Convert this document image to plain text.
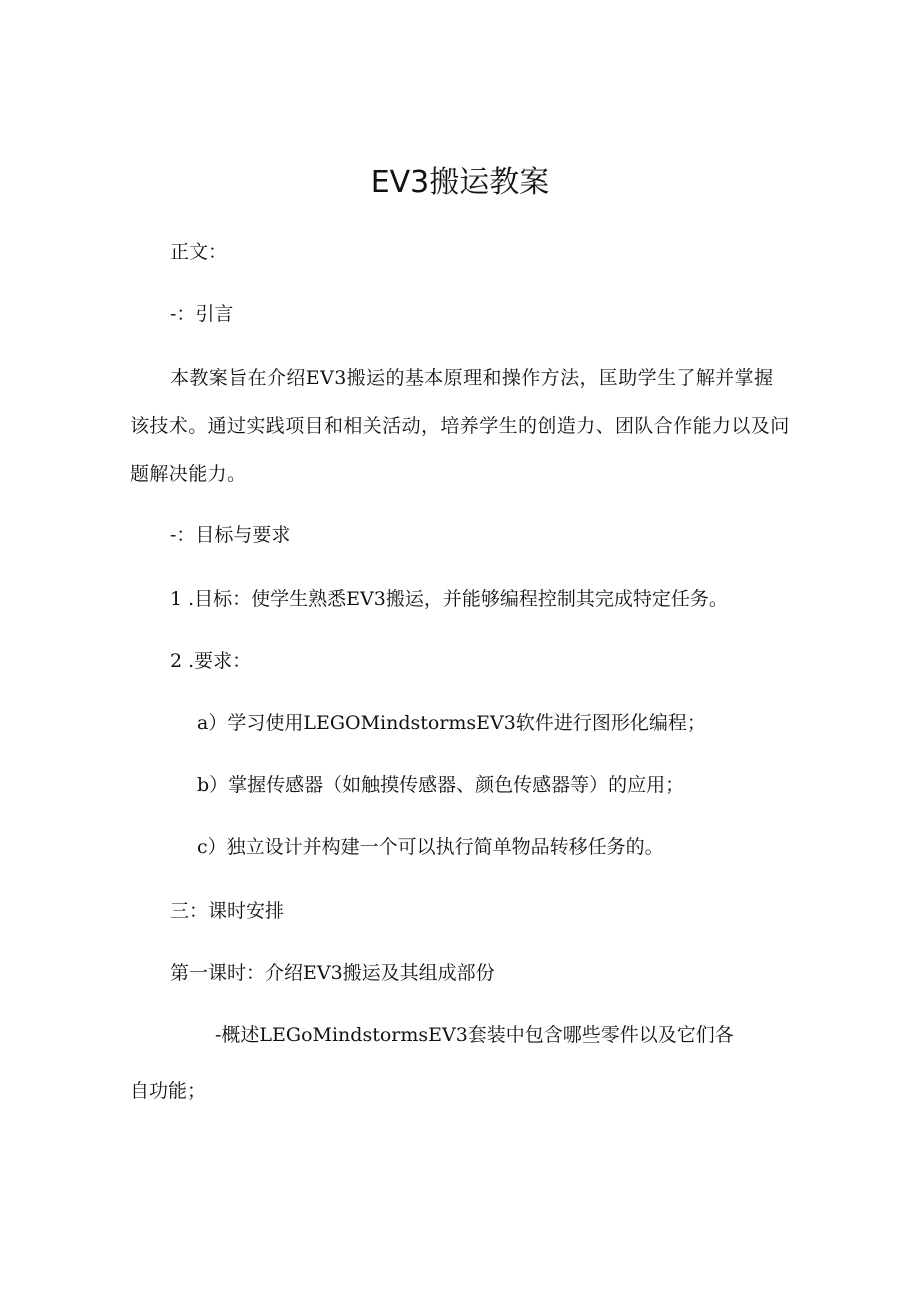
EV3搬运教案

正文：

-：引言

本教案旨在介绍EV3搬运的基本原理和操作方法，匡助学生了解并掌握该技术。通过实践项目和相关活动，培养学生的创造力、团队合作能力以及问题解决能力。

-：目标与要求

1 .目标：使学生熟悉EV3搬运，并能够编程控制其完成特定任务。

2 .要求：

a）学习使用LEGOMindstormsEV3软件进行图形化编程；

b）掌握传感器（如触摸传感器、颜色传感器等）的应用；

c）独立设计并构建一个可以执行简单物品转移任务的。

三：课时安排

第一课时：介绍EV3搬运及其组成部份

-概述LEGoMindstormsEV3套装中包含哪些零件以及它们各

自功能；
